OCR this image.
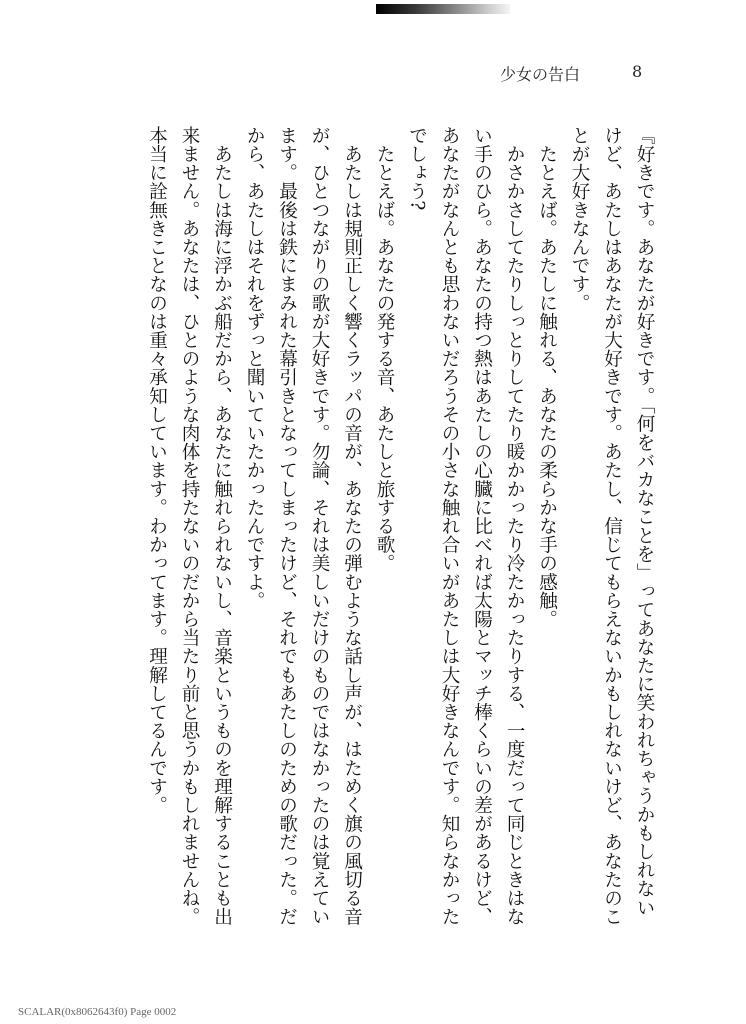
少女の告白	8

『好きです。あなたが好きです。「何をバカなことを」ってあなたに笑われちゃうかもしれないけど、あたしはあなたが大好きです。あたし、信じてもらえないかもしれないけど、あなたのことが大好きなんです。

　たとえば。あたしに触れる、あなたの柔らかな手の感触。

　かさかさしてたりしっとりしてたり暖かかったり冷たかったりする、一度だって同じときはない手のひら。あなたの持つ熱はあたしの心臓に比べれば太陽とマッチ棒くらいの差があるけど、あなたがなんとも思わないだろうその小さな触れ合いがあたしは大好きなんです。知らなかったでしょう?

　たとえば。あなたの発する音、あたしと旅する歌。

　あたしは規則正しく響くラッパの音が、あなたの弾むような話し声が、はためく旗の風切る音が、ひとつながりの歌が大好きです。勿論、それは美しいだけのものではなかったのは覚えています。最後は鉄にまみれた幕引きとなってしまったけど、それでもあたしのための歌だった。だから、あたしはそれをずっと聞いていたかったんですよ。

　あたしは海に浮かぶ船だから、あなたに触れられないし、音楽というものを理解することも出来ません。あなたは、ひとのような肉体を持たないのだから当たり前と思うかもしれませんね。本当に詮無きことなのは重々承知しています。わかってます。理解してるんです。

SCALAR(0x8062643f0) Page 0002
